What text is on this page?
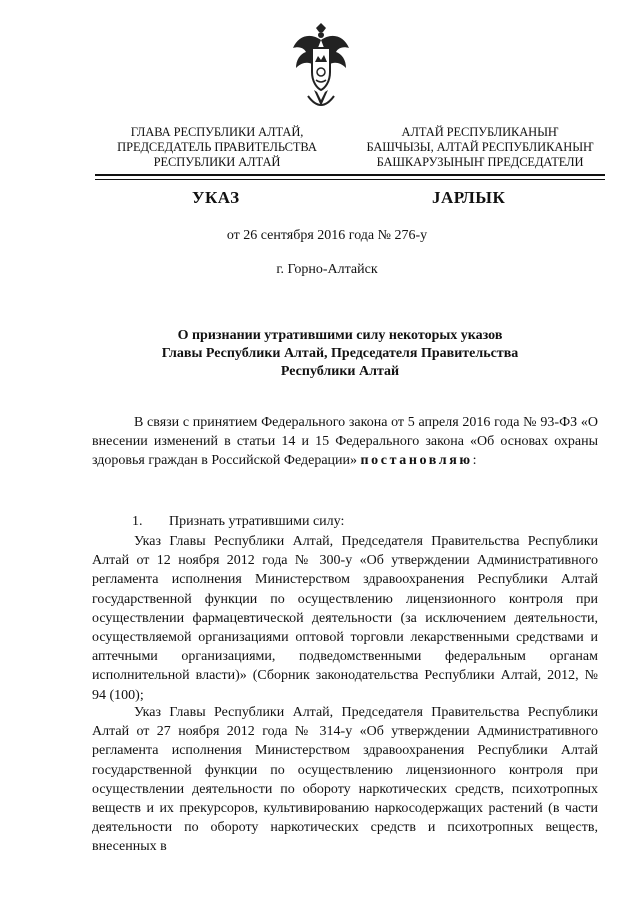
ГЛАВА РЕСПУБЛИКИ АЛТАЙ,
ПРЕДСЕДАТЕЛЬ ПРАВИТЕЛЬСТВА
РЕСПУБЛИКИ АЛТАЙ
АЛТАЙ РЕСПУБЛИКАНЫҤ
БАШЧЫЗЫ, АЛТАЙ РЕСПУБЛИКАНЫҤ
БАШКАРУЗЫНЫҤ ПРЕДСЕДАТЕЛИ
УКАЗ	JАРЛЫК
от 26 сентября 2016 года № 276-у
г. Горно-Алтайск
О признании утратившими силу некоторых указов
Главы Республики Алтай, Председателя Правительства
Республики Алтай
В связи с принятием Федерального закона от 5 апреля 2016 года № 93-ФЗ «О внесении изменений в статьи 14 и 15 Федерального закона «Об основах охраны здоровья граждан в Российской Федерации» постановляю:
1. Признать утратившими силу:
Указ Главы Республики Алтай, Председателя Правительства Республики Алтай от 12 ноября 2012 года № 300-у «Об утверждении Административного регламента исполнения Министерством здравоохранения Республики Алтай государственной функции по осуществлению лицензионного контроля при осуществлении фармацевтической деятельности (за исключением деятельности, осуществляемой организациями оптовой торговли лекарственными средствами и аптечными организациями, подведомственными федеральным органам исполнительной власти)» (Сборник законодательства Республики Алтай, 2012, № 94 (100);
Указ Главы Республики Алтай, Председателя Правительства Республики Алтай от 27 ноября 2012 года № 314-у «Об утверждении Административного регламента исполнения Министерством здравоохранения Республики Алтай государственной функции по осуществлению лицензионного контроля при осуществлении деятельности по обороту наркотических средств, психотропных веществ и их прекурсоров, культивированию наркосодержащих растений (в части деятельности по обороту наркотических средств и психотропных веществ, внесенных в
